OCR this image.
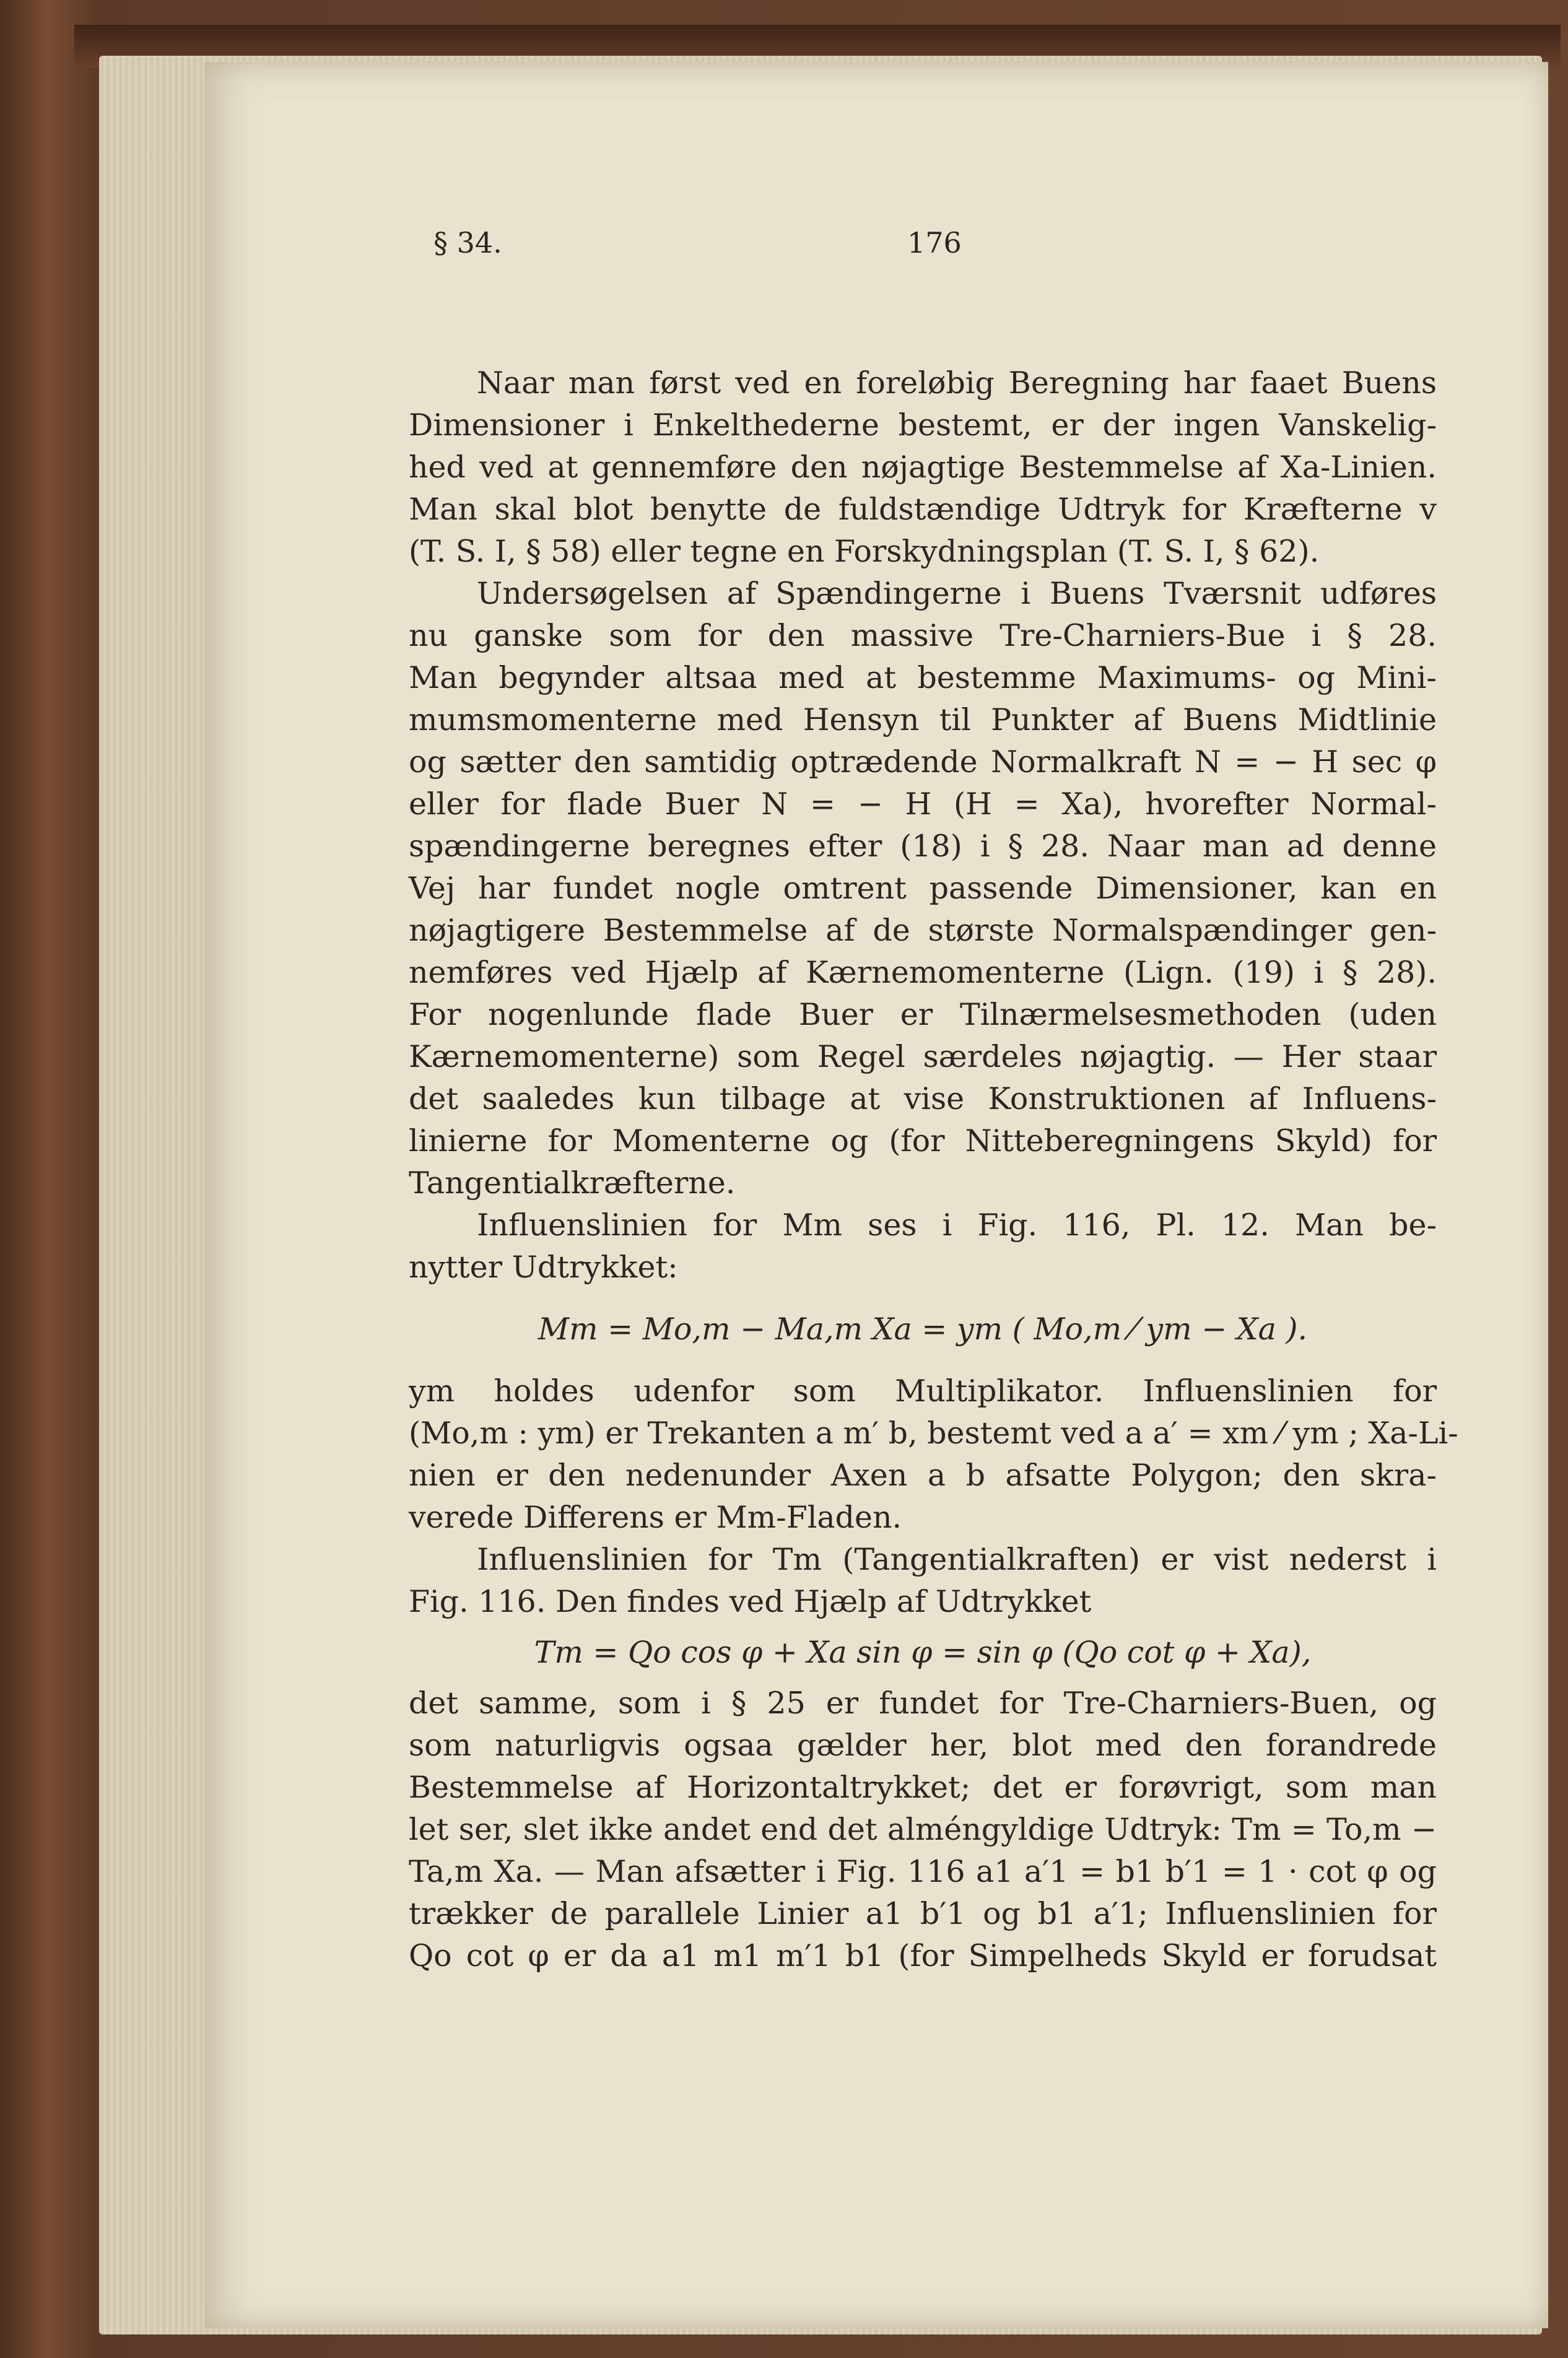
§ 34.	176
Naar man først ved en foreløbig Beregning har faaet Buens
Dimensioner i Enkelthederne bestemt, er der ingen Vanskelig-
hed ved at gennemføre den nøjagtige Bestemmelse af Xa-Linien.
Man skal blot benytte de fuldstændige Udtryk for Kræfterne v
(T. S. I, § 58) eller tegne en Forskydningsplan (T. S. I, § 62).
Undersøgelsen af Spændingerne i Buens Tværsnit udføres
nu ganske som for den massive Tre-Charniers-Bue i § 28.
Man begynder altsaa med at bestemme Maximums- og Mini-
mumsmomenterne med Hensyn til Punkter af Buens Midtlinie
og sætter den samtidig optrædende Normalkraft N = − H sec φ
eller for flade Buer N = − H (H = Xa), hvorefter Normal-
spændingerne beregnes efter (18) i § 28. Naar man ad denne
Vej har fundet nogle omtrent passende Dimensioner, kan en
nøjagtigere Bestemmelse af de største Normalspændinger gen-
nemføres ved Hjælp af Kærnemomenterne (Lign. (19) i § 28).
For nogenlunde flade Buer er Tilnærmelsesmethoden (uden
Kærnemomenterne) som Regel særdeles nøjagtig. — Her staar
det saaledes kun tilbage at vise Konstruktionen af Influens-
linierne for Momenterne og (for Nitteberegningens Skyld) for
Tangentialkræfterne.
Influenslinien for Mm ses i Fig. 116, Pl. 12. Man be-
nytter Udtrykket:
Mm = Mo,m − Ma,m Xa = ym ( Mo,m ⁄ ym − Xa ).
ym holdes udenfor som Multiplikator. Influenslinien for
(Mo,m : ym) er Trekanten a m′ b, bestemt ved a a′ = xm ⁄ ym ; Xa-Li-
nien er den nedenunder Axen a b afsatte Polygon; den skra-
verede Differens er Mm-Fladen.
Influenslinien for Tm (Tangentialkraften) er vist nederst i
Fig. 116. Den findes ved Hjælp af Udtrykket
Tm = Qo cos φ + Xa sin φ = sin φ (Qo cot φ + Xa),
det samme, som i § 25 er fundet for Tre-Charniers-Buen, og
som naturligvis ogsaa gælder her, blot med den forandrede
Bestemmelse af Horizontaltrykket; det er forøvrigt, som man
let ser, slet ikke andet end det alméngyldige Udtryk: Tm = To,m −
Ta,m Xa. — Man afsætter i Fig. 116 a1 a′1 = b1 b′1 = 1 · cot φ og
trækker de parallele Linier a1 b′1 og b1 a′1; Influenslinien for
Qo cot φ er da a1 m1 m′1 b1 (for Simpelheds Skyld er forudsat
